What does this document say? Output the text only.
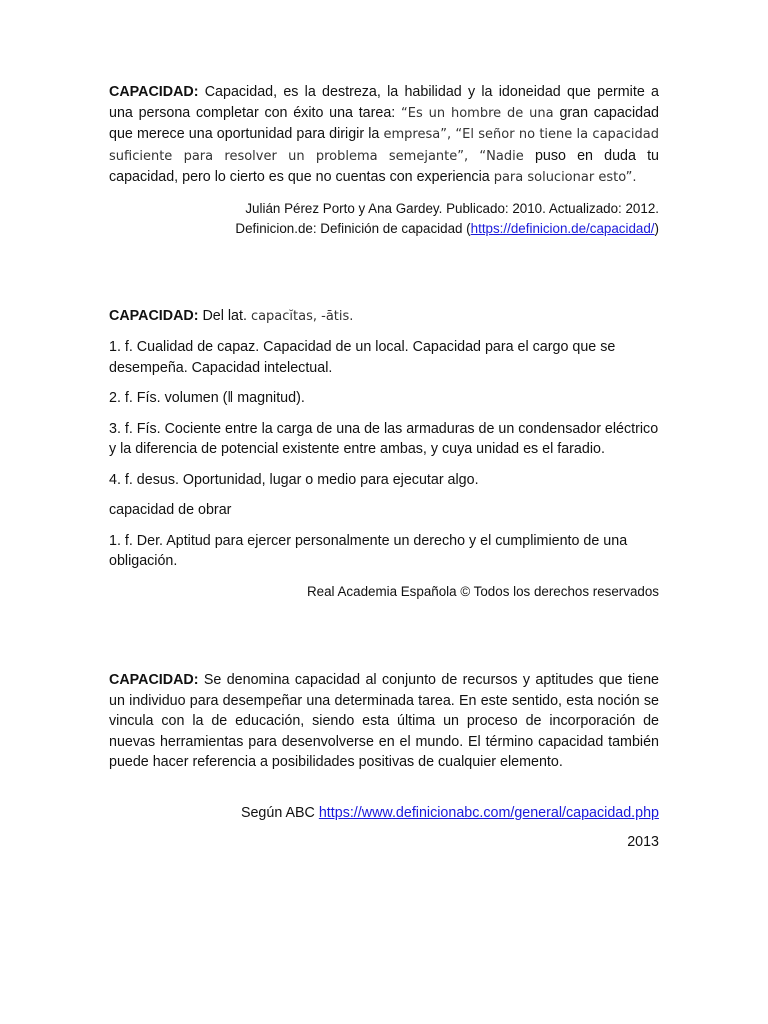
CAPACIDAD: Capacidad, es la destreza, la habilidad y la idoneidad que permite a una persona completar con éxito una tarea: “Es un hombre de una gran capacidad que merece una oportunidad para dirigir la empresa”, “El señor no tiene la capacidad suficiente para resolver un problema semejante”, “Nadie puso en duda tu capacidad, pero lo cierto es que no cuentas con experiencia para solucionar esto”.

Julián Pérez Porto y Ana Gardey. Publicado: 2010. Actualizado: 2012.

Definicion.de: Definición de capacidad (https://definicion.de/capacidad/)

CAPACIDAD: Del lat. capacĭtas, -ātis.

1. f. Cualidad de capaz. Capacidad de un local. Capacidad para el cargo que se desempeña. Capacidad intelectual.

2. f. Fís. volumen (‖ magnitud).

3. f. Fís. Cociente entre la carga de una de las armaduras de un condensador eléctrico y la diferencia de potencial existente entre ambas, y cuya unidad es el faradio.

4. f. desus. Oportunidad, lugar o medio para ejecutar algo.

capacidad de obrar

1. f. Der. Aptitud para ejercer personalmente un derecho y el cumplimiento de una obligación.

Real Academia Española © Todos los derechos reservados

CAPACIDAD: Se denomina capacidad al conjunto de recursos y aptitudes que tiene un individuo para desempeñar una determinada tarea. En este sentido, esta noción se vincula con la de educación, siendo esta última un proceso de incorporación de nuevas herramientas para desenvolverse en el mundo. El término capacidad también puede hacer referencia a posibilidades positivas de cualquier elemento.

Según ABC https://www.definicionabc.com/general/capacidad.php

2013
